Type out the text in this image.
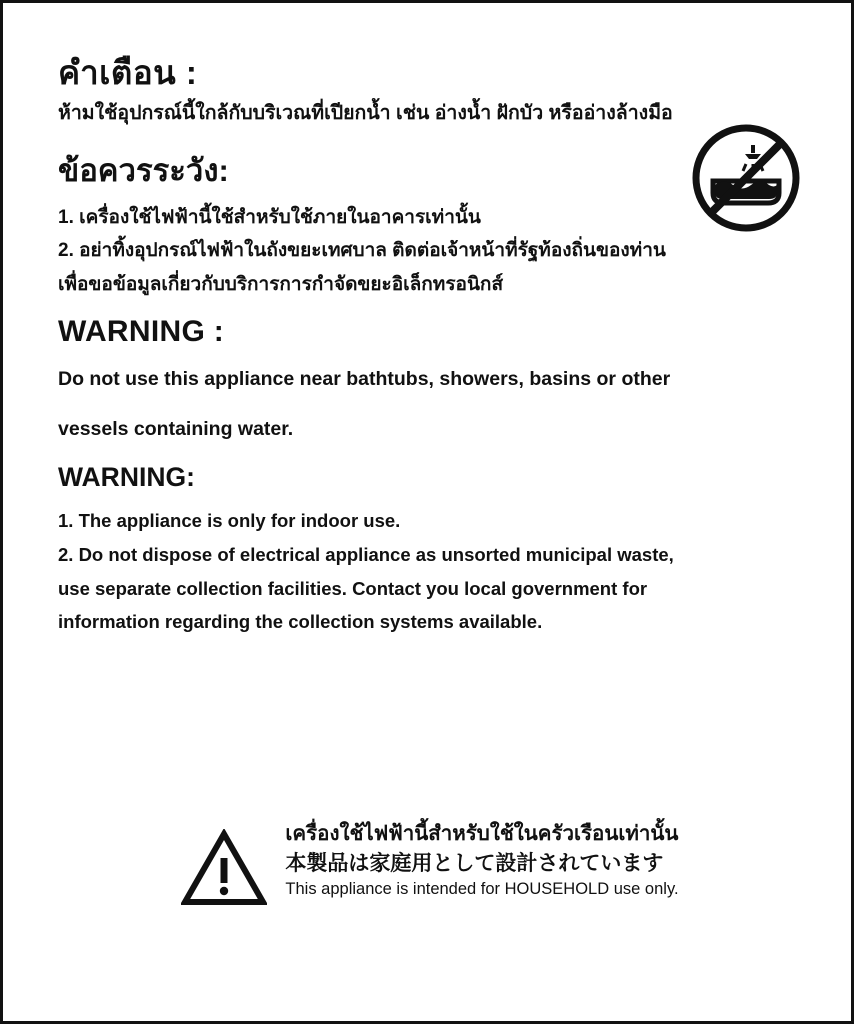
คำเตือน :

ห้ามใช้อุปกรณ์นี้ใกล้กับบริเวณที่เปียกน้ำ เช่น อ่างน้ำ ฝักบัว หรืออ่างล้างมือ

ข้อควรระวัง:

1. เครื่องใช้ไฟฟ้านี้ใช้สำหรับใช้ภายในอาคารเท่านั้น

2. อย่าทิ้งอุปกรณ์ไฟฟ้าในถังขยะเทศบาล ติดต่อเจ้าหน้าที่รัฐท้องถิ่นของท่าน

เพื่อขอข้อมูลเกี่ยวกับบริการการกำจัดขยะอิเล็กทรอนิกส์

WARNING :

Do not use this appliance near bathtubs, showers, basins or other

vessels containing water.

WARNING:

1. The appliance is only for indoor use.

2. Do not dispose of electrical appliance as unsorted municipal waste,

use separate collection facilities. Contact you local government for

information regarding the collection systems available.

เครื่องใช้ไฟฟ้านี้สำหรับใช้ในครัวเรือนเท่านั้น

本製品は家庭用として設計されています

This appliance is intended for HOUSEHOLD use only.
